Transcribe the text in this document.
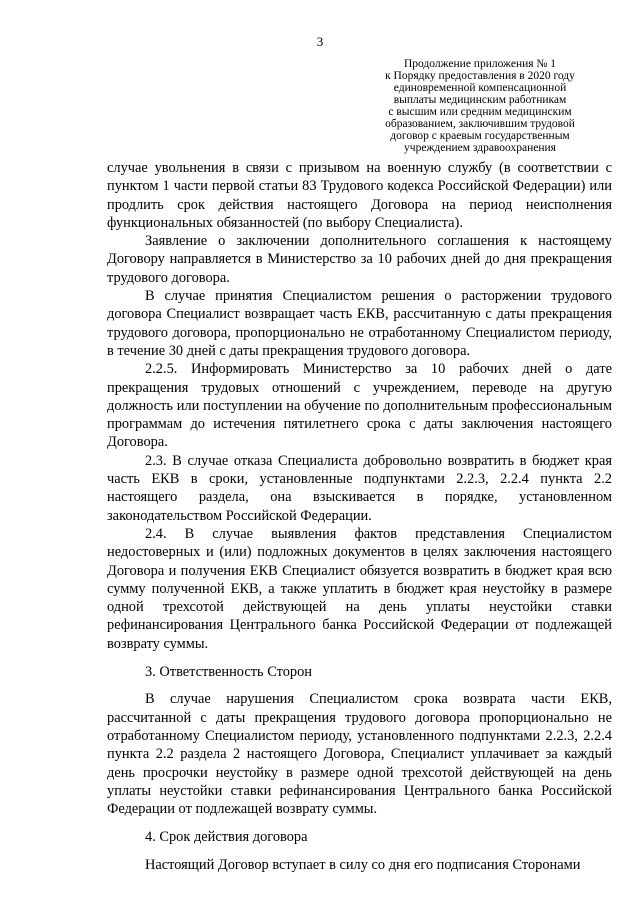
3
Продолжение приложения № 1
к Порядку предоставления в 2020 году
единовременной компенсационной
выплаты медицинским работникам
с высшим или средним медицинским
образованием, заключившим трудовой
договор с краевым государственным
учреждением здравоохранения

случае увольнения в связи с призывом на военную службу (в соответствии с пунктом 1 части первой статьи 83 Трудового кодекса Российской Федерации) или продлить срок действия настоящего Договора на период неисполнения функциональных обязанностей (по выбору Специалиста).

Заявление о заключении дополнительного соглашения к настоящему Договору направляется в Министерство за 10 рабочих дней до дня прекращения трудового договора.

В случае принятия Специалистом решения о расторжении трудового договора Специалист возвращает часть ЕКВ, рассчитанную с даты прекращения трудового договора, пропорционально не отработанному Специалистом периоду, в течение 30 дней с даты прекращения трудового договора.

2.2.5. Информировать Министерство за 10 рабочих дней о дате прекращения трудовых отношений с учреждением, переводе на другую должность или поступлении на обучение по дополнительным профессиональным программам до истечения пятилетнего срока с даты заключения настоящего Договора.

2.3. В случае отказа Специалиста добровольно возвратить в бюджет края часть ЕКВ в сроки, установленные подпунктами 2.2.3, 2.2.4 пункта 2.2 настоящего раздела, она взыскивается в порядке, установленном законодательством Российской Федерации.

2.4. В случае выявления фактов представления Специалистом недостоверных и (или) подложных документов в целях заключения настоящего Договора и получения ЕКВ Специалист обязуется возвратить в бюджет края всю сумму полученной ЕКВ, а также уплатить в бюджет края неустойку в размере одной трехсотой действующей на день уплаты неустойки ставки рефинансирования Центрального банка Российской Федерации от подлежащей возврату суммы.

3. Ответственность Сторон

В случае нарушения Специалистом срока возврата части ЕКВ, рассчитанной с даты прекращения трудового договора пропорционально не отработанному Специалистом периоду, установленного подпунктами 2.2.3, 2.2.4 пункта 2.2 раздела 2 настоящего Договора, Специалист уплачивает за каждый день просрочки неустойку в размере одной трехсотой действующей на день уплаты неустойки ставки рефинансирования Центрального банка Российской Федерации от подлежащей возврату суммы.

4. Срок действия договора

Настоящий Договор вступает в силу со дня его подписания Сторонами
